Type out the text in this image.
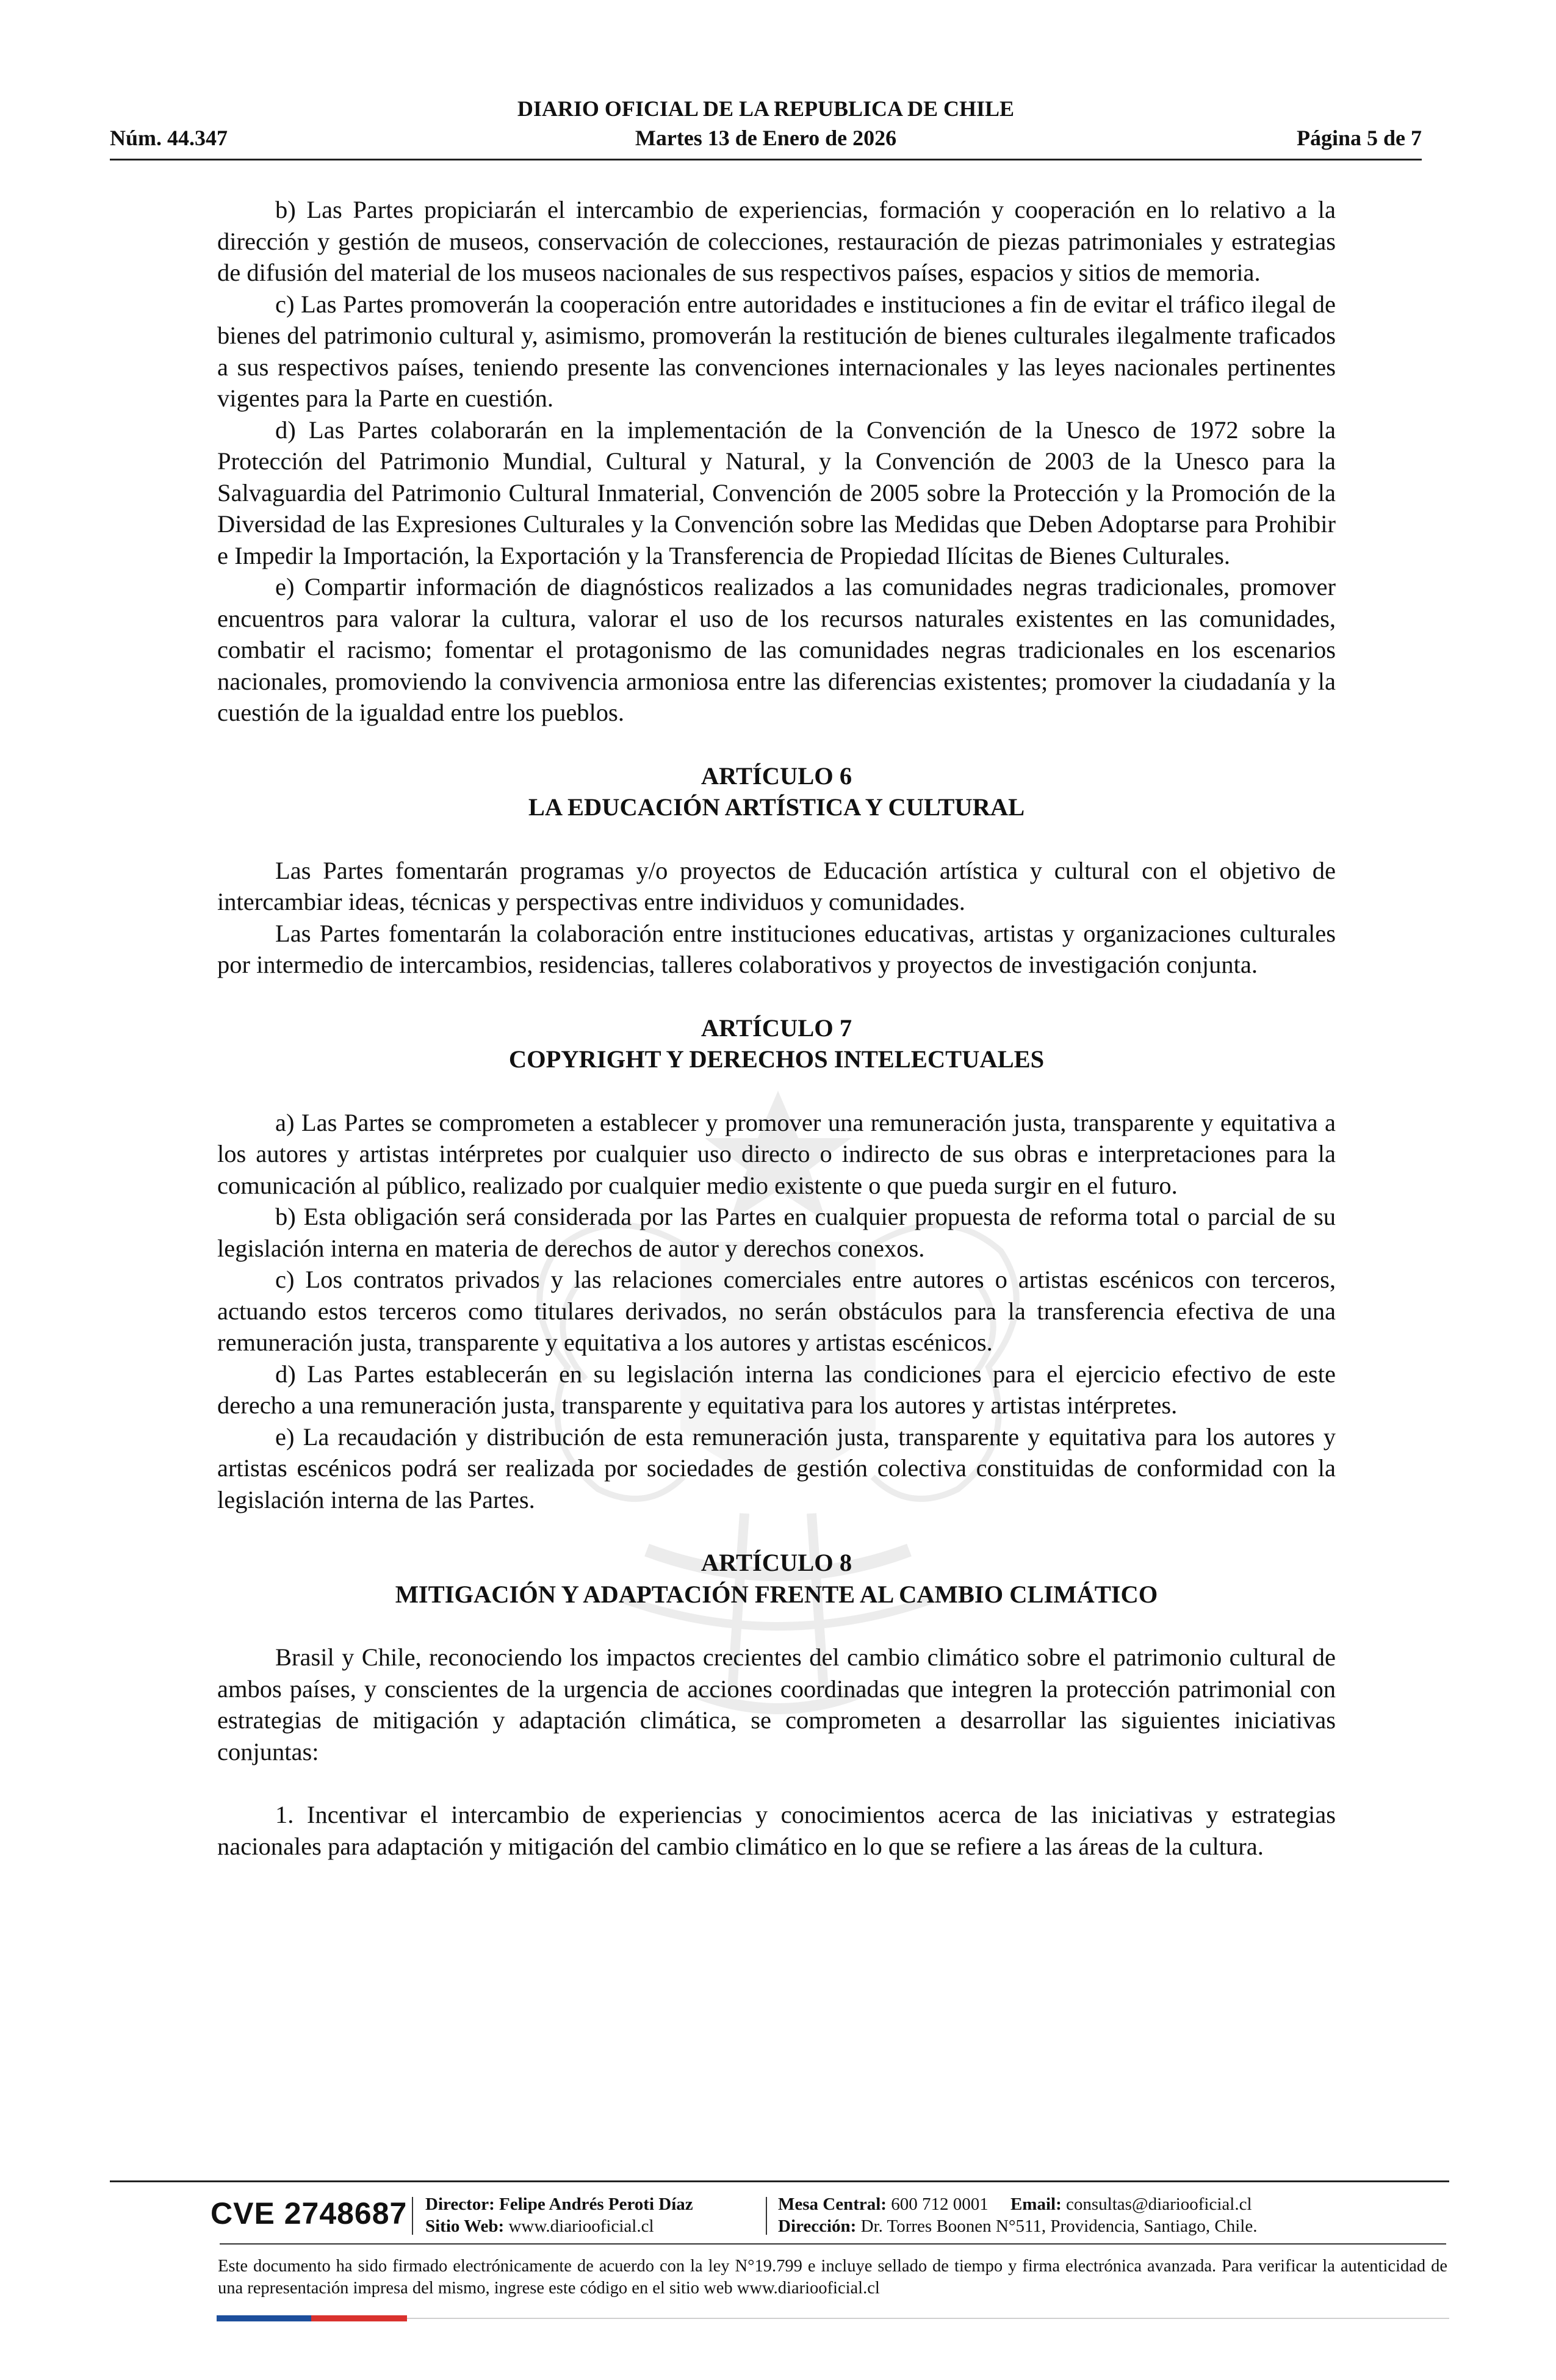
DIARIO OFICIAL DE LA REPUBLICA DE CHILE
Martes 13 de Enero de 2026
Núm. 44.347	Página 5 de 7

b) Las Partes propiciarán el intercambio de experiencias, formación y cooperación en lo relativo a la dirección y gestión de museos, conservación de colecciones, restauración de piezas patrimoniales y estrategias de difusión del material de los museos nacionales de sus respectivos países, espacios y sitios de memoria.

c) Las Partes promoverán la cooperación entre autoridades e instituciones a fin de evitar el tráfico ilegal de bienes del patrimonio cultural y, asimismo, promoverán la restitución de bienes culturales ilegalmente traficados a sus respectivos países, teniendo presente las convenciones internacionales y las leyes nacionales pertinentes vigentes para la Parte en cuestión.

d) Las Partes colaborarán en la implementación de la Convención de la Unesco de 1972 sobre la Protección del Patrimonio Mundial, Cultural y Natural, y la Convención de 2003 de la Unesco para la Salvaguardia del Patrimonio Cultural Inmaterial, Convención de 2005 sobre la Protección y la Promoción de la Diversidad de las Expresiones Culturales y la Convención sobre las Medidas que Deben Adoptarse para Prohibir e Impedir la Importación, la Exportación y la Transferencia de Propiedad Ilícitas de Bienes Culturales.

e) Compartir información de diagnósticos realizados a las comunidades negras tradicionales, promover encuentros para valorar la cultura, valorar el uso de los recursos naturales existentes en las comunidades, combatir el racismo; fomentar el protagonismo de las comunidades negras tradicionales en los escenarios nacionales, promoviendo la convivencia armoniosa entre las diferencias existentes; promover la ciudadanía y la cuestión de la igualdad entre los pueblos.

ARTÍCULO 6
LA EDUCACIÓN ARTÍSTICA Y CULTURAL

Las Partes fomentarán programas y/o proyectos de Educación artística y cultural con el objetivo de intercambiar ideas, técnicas y perspectivas entre individuos y comunidades.

Las Partes fomentarán la colaboración entre instituciones educativas, artistas y organizaciones culturales por intermedio de intercambios, residencias, talleres colaborativos y proyectos de investigación conjunta.

ARTÍCULO 7
COPYRIGHT Y DERECHOS INTELECTUALES

a) Las Partes se comprometen a establecer y promover una remuneración justa, transparente y equitativa a los autores y artistas intérpretes por cualquier uso directo o indirecto de sus obras e interpretaciones para la comunicación al público, realizado por cualquier medio existente o que pueda surgir en el futuro.

b) Esta obligación será considerada por las Partes en cualquier propuesta de reforma total o parcial de su legislación interna en materia de derechos de autor y derechos conexos.

c) Los contratos privados y las relaciones comerciales entre autores o artistas escénicos con terceros, actuando estos terceros como titulares derivados, no serán obstáculos para la transferencia efectiva de una remuneración justa, transparente y equitativa a los autores y artistas escénicos.

d) Las Partes establecerán en su legislación interna las condiciones para el ejercicio efectivo de este derecho a una remuneración justa, transparente y equitativa para los autores y artistas intérpretes.

e) La recaudación y distribución de esta remuneración justa, transparente y equitativa para los autores y artistas escénicos podrá ser realizada por sociedades de gestión colectiva constituidas de conformidad con la legislación interna de las Partes.

ARTÍCULO 8
MITIGACIÓN Y ADAPTACIÓN FRENTE AL CAMBIO CLIMÁTICO

Brasil y Chile, reconociendo los impactos crecientes del cambio climático sobre el patrimonio cultural de ambos países, y conscientes de la urgencia de acciones coordinadas que integren la protección patrimonial con estrategias de mitigación y adaptación climática, se comprometen a desarrollar las siguientes iniciativas conjuntas:

1. Incentivar el intercambio de experiencias y conocimientos acerca de las iniciativas y estrategias nacionales para adaptación y mitigación del cambio climático en lo que se refiere a las áreas de la cultura.

CVE 2748687 Director: Felipe Andrés Peroti Díaz
Sitio Web: www.diariooficial.cl
Mesa Central: 600 712 0001 Email: consultas@diariooficial.cl
Dirección: Dr. Torres Boonen N°511, Providencia, Santiago, Chile.
Este documento ha sido firmado electrónicamente de acuerdo con la ley N°19.799 e incluye sellado de tiempo y firma electrónica avanzada. Para verificar la autenticidad de una representación impresa del mismo, ingrese este código en el sitio web www.diariooficial.cl
